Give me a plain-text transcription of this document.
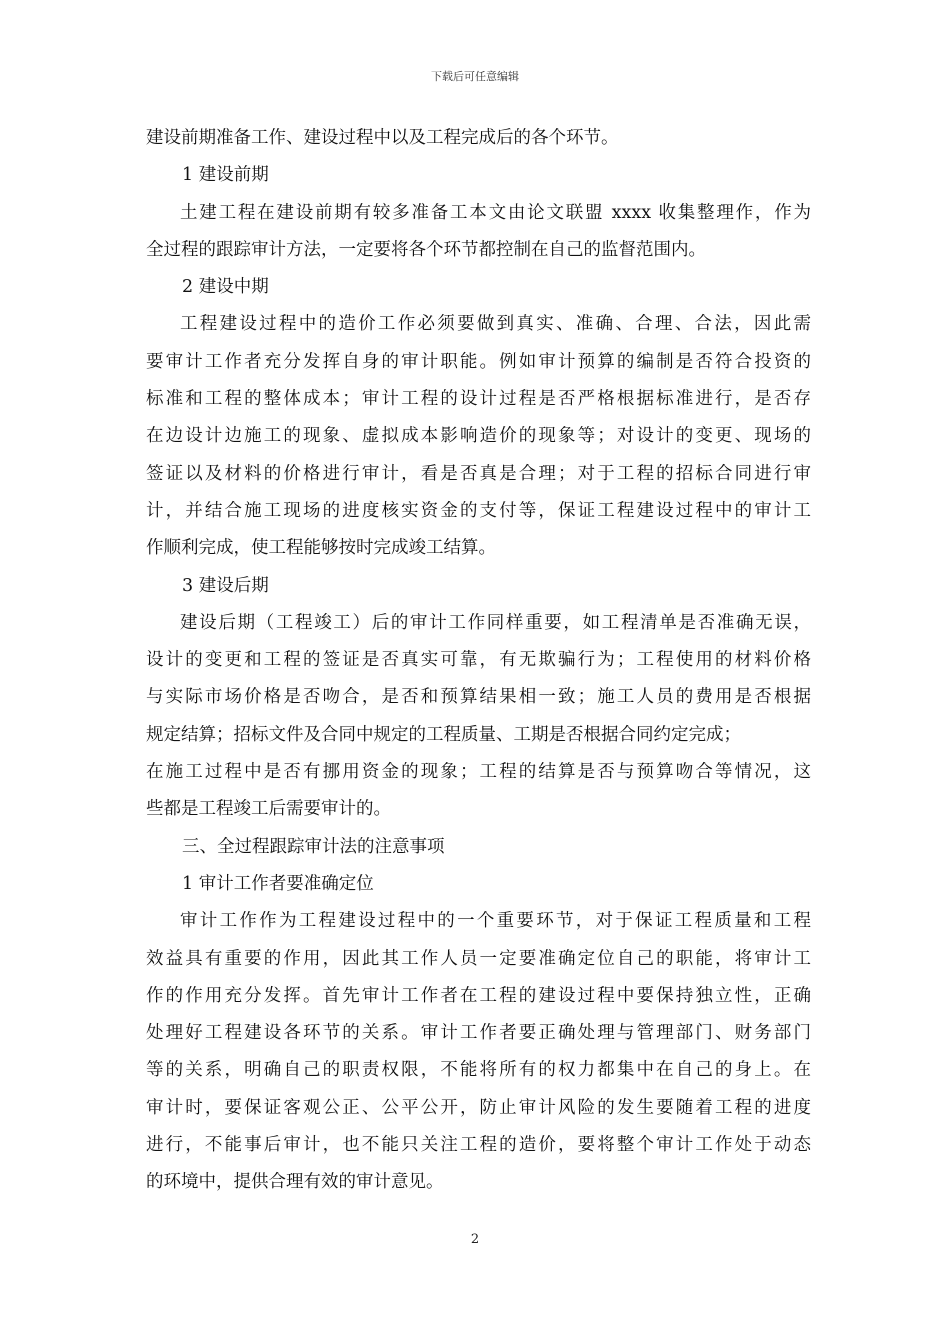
下载后可任意编辑
建设前期准备工作、建设过程中以及工程完成后的各个环节。
1 建设前期
土建工程在建设前期有较多准备工本文由论文联盟 xxxx 收集整理作，作为
全过程的跟踪审计方法，一定要将各个环节都控制在自己的监督范围内。
2 建设中期
工程建设过程中的造价工作必须要做到真实、准确、合理、合法，因此需
要审计工作者充分发挥自身的审计职能。例如审计预算的编制是否符合投资的
标准和工程的整体成本；审计工程的设计过程是否严格根据标准进行，是否存
在边设计边施工的现象、虚拟成本影响造价的现象等；对设计的变更、现场的
签证以及材料的价格进行审计，看是否真是合理；对于工程的招标合同进行审
计，并结合施工现场的进度核实资金的支付等，保证工程建设过程中的审计工
作顺利完成，使工程能够按时完成竣工结算。
3 建设后期
建设后期（工程竣工）后的审计工作同样重要，如工程清单是否准确无误，
设计的变更和工程的签证是否真实可靠，有无欺骗行为；工程使用的材料价格
与实际市场价格是否吻合，是否和预算结果相一致；施工人员的费用是否根据
规定结算；招标文件及合同中规定的工程质量、工期是否根据合同约定完成；
在施工过程中是否有挪用资金的现象；工程的结算是否与预算吻合等情况，这
些都是工程竣工后需要审计的。
三、全过程跟踪审计法的注意事项
1 审计工作者要准确定位
审计工作作为工程建设过程中的一个重要环节，对于保证工程质量和工程
效益具有重要的作用，因此其工作人员一定要准确定位自己的职能，将审计工
作的作用充分发挥。首先审计工作者在工程的建设过程中要保持独立性，正确
处理好工程建设各环节的关系。审计工作者要正确处理与管理部门、财务部门
等的关系，明确自己的职责权限，不能将所有的权力都集中在自己的身上。在
审计时，要保证客观公正、公平公开，防止审计风险的发生要随着工程的进度
进行，不能事后审计，也不能只关注工程的造价，要将整个审计工作处于动态
的环境中，提供合理有效的审计意见。
2
